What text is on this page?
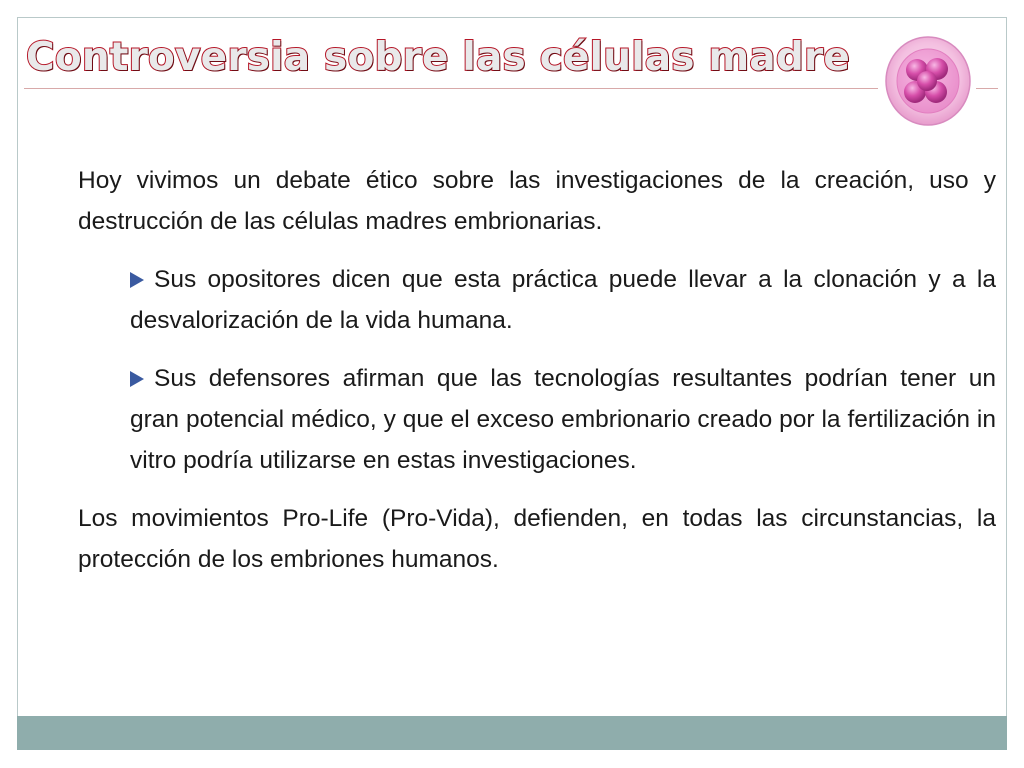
Controversia sobre las células madre

Hoy vivimos un debate ético sobre las investigaciones de la creación, uso y destrucción de las células madres embrionarias.

Sus opositores dicen que esta práctica puede llevar a la clonación y a la desvalorización de la vida humana.

Sus defensores afirman que las tecnologías resultantes podrían tener un gran potencial médico, y que el exceso embrionario creado por la fertilización in vitro podría utilizarse en estas investigaciones.

Los movimientos Pro-Life (Pro-Vida), defienden, en todas las circunstancias, la protección de los embriones humanos.
